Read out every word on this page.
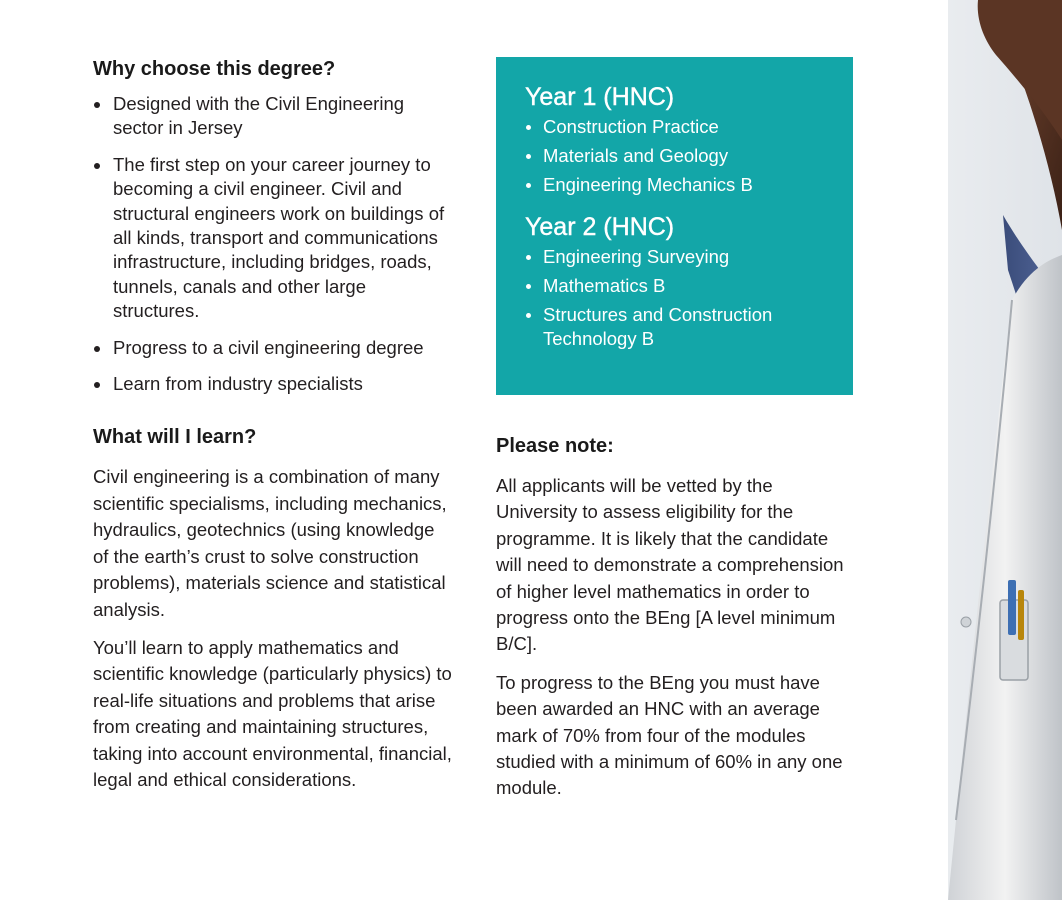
Why choose this degree?
Designed with the Civil Engineering sector in Jersey
The first step on your career journey to becoming a civil engineer. Civil and structural engineers work on buildings of all kinds, transport and communications infrastructure, including bridges, roads, tunnels, canals and other large structures.
Progress to a civil engineering degree
Learn from industry specialists
What will I learn?

Civil engineering is a combination of many scientific specialisms, including mechanics, hydraulics, geotechnics (using knowledge of the earth’s crust to solve construction problems), materials science and statistical analysis.

You’ll learn to apply mathematics and scientific knowledge (particularly physics) to real-life situations and problems that arise from creating and maintaining structures, taking into account environmental, financial, legal and ethical considerations.

Year 1 (HNC)
Construction Practice
Materials and Geology
Engineering Mechanics B
Year 2 (HNC)
Engineering Surveying
Mathematics B
Structures and Construction Technology B
Please note:

All applicants will be vetted by the University to assess eligibility for the programme. It is likely that the candidate will need to demonstrate a comprehension of higher level mathematics in order to progress onto the BEng [A level minimum B/C].

To progress to the BEng you must have been awarded an HNC with an average mark of 70% from four of the modules studied with a minimum of 60% in any one module.
